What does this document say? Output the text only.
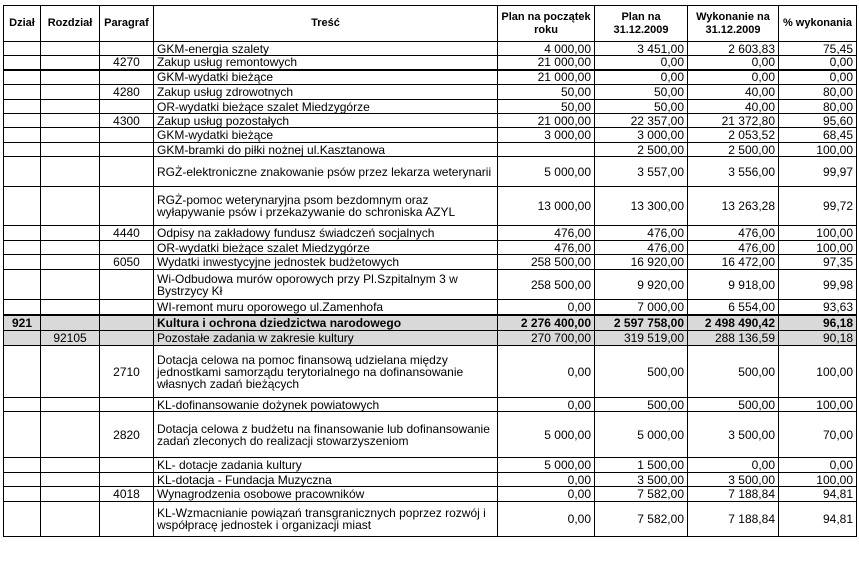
Dział	Rozdział	Paragraf	Treść	Plan na początek roku	Plan na 31.12.2009	Wykonanie na 31.12.2009	% wykonania
			GKM-energia szalety	4 000,00	3 451,00	2 603,83	75,45
		4270	Zakup usług remontowych	21 000,00	0,00	0,00	0,00
			GKM-wydatki bieżące	21 000,00	0,00	0,00	0,00
		4280	Zakup usług zdrowotnych	50,00	50,00	40,00	80,00
			OR-wydatki bieżące szalet Miedzygórze	50,00	50,00	40,00	80,00
		4300	Zakup usług pozostałych	21 000,00	22 357,00	21 372,80	95,60
			GKM-wydatki bieżące	3 000,00	3 000,00	2 053,52	68,45
			GKM-bramki do piłki nożnej ul.Kasztanowa		2 500,00	2 500,00	100,00
			RGŻ-elektroniczne znakowanie psów przez lekarza weterynarii	5 000,00	3 557,00	3 556,00	99,97
			RGŻ-pomoc weterynaryjna psom bezdomnym oraz wyłapywanie psów i przekazywanie do schroniska AZYL	13 000,00	13 300,00	13 263,28	99,72
		4440	Odpisy na zakładowy fundusz świadczeń socjalnych	476,00	476,00	476,00	100,00
			OR-wydatki bieżące szalet Miedzygórze	476,00	476,00	476,00	100,00
		6050	Wydatki inwestycyjne jednostek budżetowych	258 500,00	16 920,00	16 472,00	97,35
			Wi-Odbudowa murów oporowych przy Pl.Szpitalnym 3 w Bystrzycy Kł	258 500,00	9 920,00	9 918,00	99,98
			WI-remont muru oporowego ul.Zamenhofa	0,00	7 000,00	6 554,00	93,63
921			Kultura i ochrona dziedzictwa narodowego	2 276 400,00	2 597 758,00	2 498 490,42	96,18
	92105		Pozostałe zadania w zakresie kultury	270 700,00	319 519,00	288 136,59	90,18
		2710	Dotacja celowa na pomoc finansową udzielana między jednostkami samorządu terytorialnego na dofinansowanie własnych zadań bieżących	0,00	500,00	500,00	100,00
			KL-dofinansowanie dożynek powiatowych	0,00	500,00	500,00	100,00
		2820	Dotacja celowa z budżetu na finansowanie lub dofinansowanie zadań zleconych do realizacji stowarzyszeniom	5 000,00	5 000,00	3 500,00	70,00
			KL- dotacje zadania kultury	5 000,00	1 500,00	0,00	0,00
			KL-dotacja - Fundacja Muzyczna	0,00	3 500,00	3 500,00	100,00
		4018	Wynagrodzenia osobowe pracowników	0,00	7 582,00	7 188,84	94,81
			KL-Wzmacnianie powiązań transgranicznych poprzez rozwój i współpracę jednostek i organizacji miast	0,00	7 582,00	7 188,84	94,81
